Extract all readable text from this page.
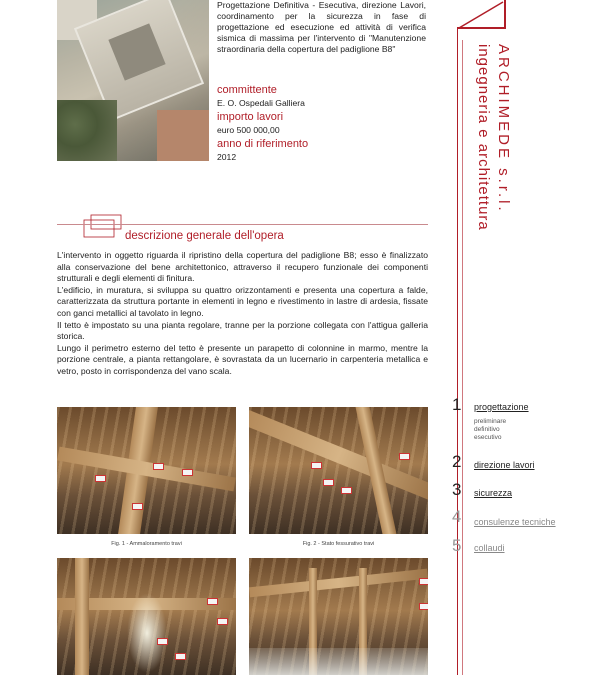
Progettazione Definitiva - Esecutiva, direzione Lavori, coordinamento per la sicurezza in fase di progettazione ed esecuzione ed attività di verifica sismica di massima per l'intervento di "Manutenzione straordinaria della copertura del padiglione B8"
committente
E. O. Ospedali Galliera
importo lavori
euro 500 000,00
anno di riferimento
2012
descrizione generale dell'opera

L'intervento in oggetto riguarda il ripristino della copertura del padiglione B8; esso è finalizzato alla conservazione del bene architettonico, attraverso il recupero funzionale dei componenti strutturali e degli elementi di finitura.

L'edificio, in muratura, si sviluppa su quattro orizzontamenti e presenta una copertura a falde, caratterizzata da struttura portante in elementi in legno e rivestimento in lastre di ardesia, fissate con ganci metallici al tavolato in legno.

Il tetto è impostato su una pianta regolare, tranne per la porzione collegata con l'attigua galleria storica.

Lungo il perimetro esterno del tetto è presente un parapetto di colonnine in marmo, mentre la porzione centrale, a pianta rettangolare, è sovrastata da un lucernario in carpenteria metallica e vetro, posto in corrispondenza del vano scala.

Fig. 1 - Ammaloramento travi	Fig. 2 - Stato fessurativo travi
ARCHIMEDE s.r.l.
ingegneria e architettura
1 progettazione
preliminare
definitivo
esecutivo
2 direzione lavori
3 sicurezza
4 consulenze tecniche
5 collaudi
